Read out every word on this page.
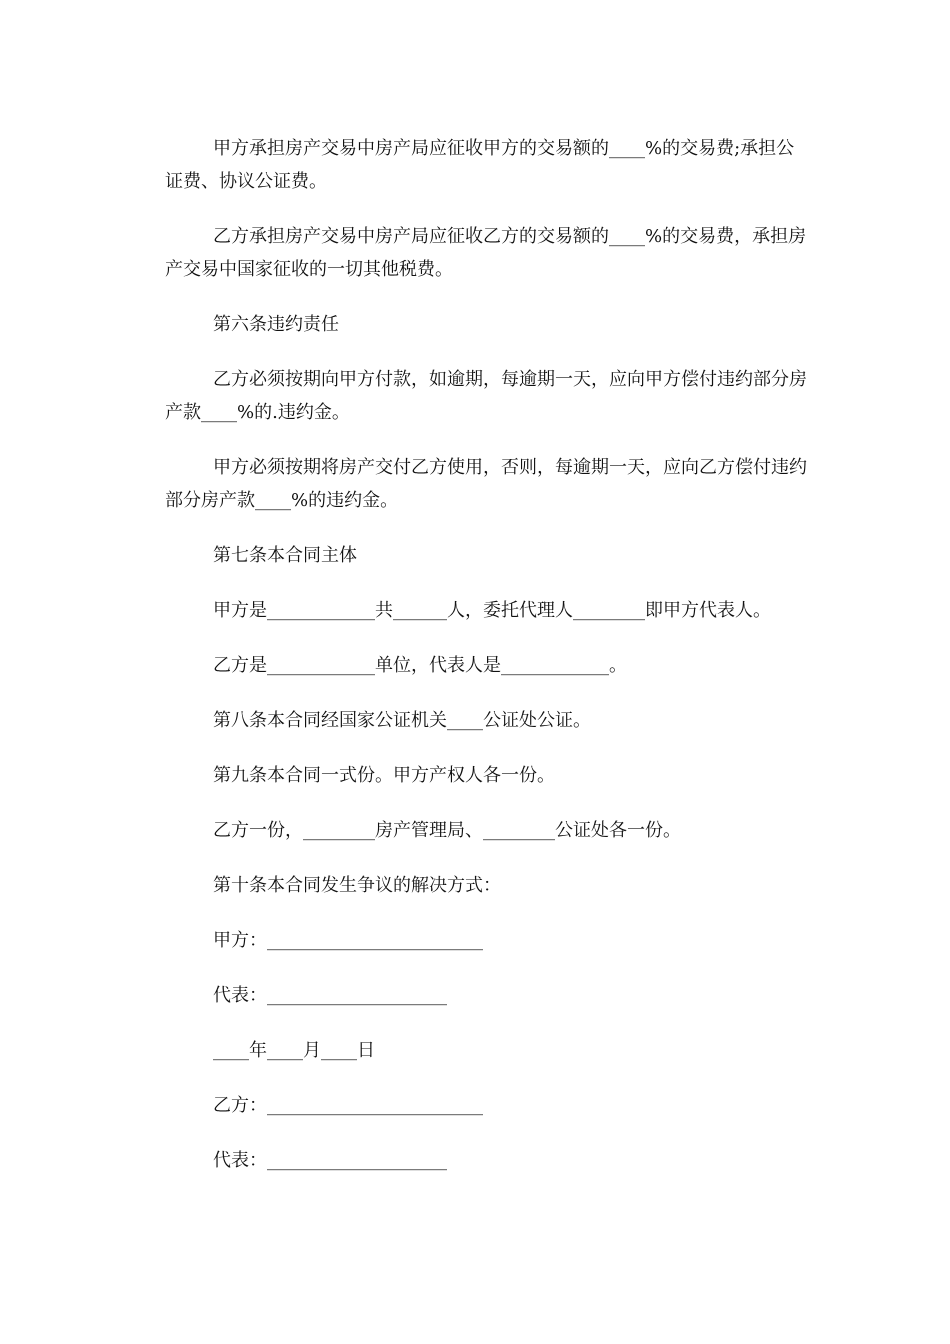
甲方承担房产交易中房产局应征收甲方的交易额的____%的交易费;承担公证费、协议公证费。

乙方承担房产交易中房产局应征收乙方的交易额的____%的交易费，承担房产交易中国家征收的一切其他税费。

第六条违约责任

乙方必须按期向甲方付款，如逾期，每逾期一天，应向甲方偿付违约部分房产款____%的.违约金。

甲方必须按期将房产交付乙方使用，否则，每逾期一天，应向乙方偿付违约部分房产款____%的违约金。

第七条本合同主体

甲方是____________共______人，委托代理人________即甲方代表人。

乙方是____________单位，代表人是____________。

第八条本合同经国家公证机关____公证处公证。

第九条本合同一式份。甲方产权人各一份。

乙方一份，________房产管理局、________公证处各一份。

第十条本合同发生争议的解决方式：

甲方：________________________

代表：____________________

____年____月____日

乙方：________________________

代表：____________________
